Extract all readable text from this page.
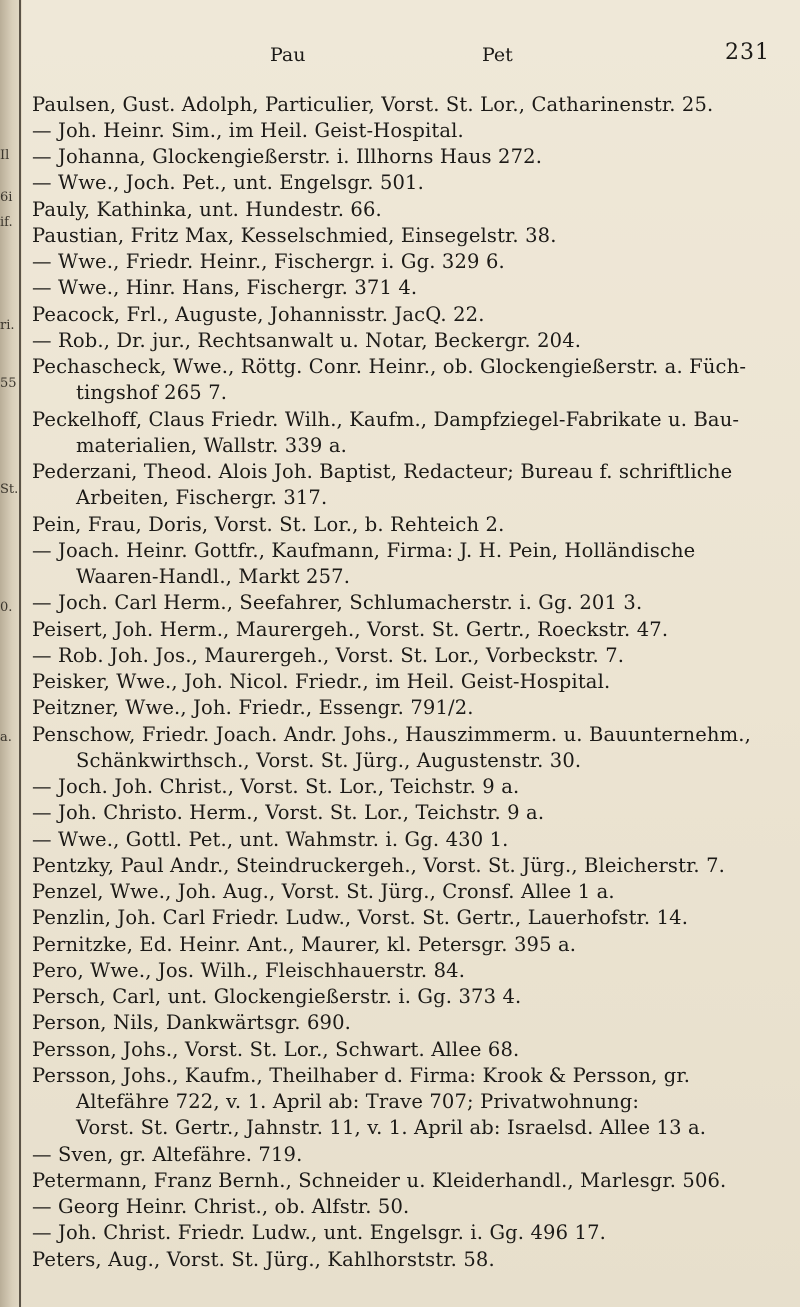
Il
6i
if.
ri.
55
St.
0.
a.
Pau	Pet	231
Paulsen, Gust. Adolph, Particulier, Vorst. St. Lor., Catharinenstr. 25.
— Joh. Heinr. Sim., im Heil. Geist-Hospital.
— Johanna, Glockengießerstr. i. Illhorns Haus 272.
— Wwe., Joch. Pet., unt. Engelsgr. 501.
Pauly, Kathinka, unt. Hundestr. 66.
Paustian, Fritz Max, Kesselschmied, Einsegelstr. 38.
— Wwe., Friedr. Heinr., Fischergr. i. Gg. 329 6.
— Wwe., Hinr. Hans, Fischergr. 371 4.
Peacock, Frl., Auguste, Johannisstr. JacQ. 22.
— Rob., Dr. jur., Rechtsanwalt u. Notar, Beckergr. 204.
Pechascheck, Wwe., Röttg. Conr. Heinr., ob. Glockengießerstr. a. Füch-
tingshof 265 7.
Peckelhoff, Claus Friedr. Wilh., Kaufm., Dampfziegel-Fabrikate u. Bau-
materialien, Wallstr. 339 a.
Pederzani, Theod. Alois Joh. Baptist, Redacteur; Bureau f. schriftliche
Arbeiten, Fischergr. 317.
Pein, Frau, Doris, Vorst. St. Lor., b. Rehteich 2.
— Joach. Heinr. Gottfr., Kaufmann, Firma: J. H. Pein, Holländische
Waaren-Handl., Markt 257.
— Joch. Carl Herm., Seefahrer, Schlumacherstr. i. Gg. 201 3.
Peisert, Joh. Herm., Maurergeh., Vorst. St. Gertr., Roeckstr. 47.
— Rob. Joh. Jos., Maurergeh., Vorst. St. Lor., Vorbeckstr. 7.
Peisker, Wwe., Joh. Nicol. Friedr., im Heil. Geist-Hospital.
Peitzner, Wwe., Joh. Friedr., Essengr. 791/2.
Penschow, Friedr. Joach. Andr. Johs., Hauszimmerm. u. Bauunternehm.,
Schänkwirthsch., Vorst. St. Jürg., Augustenstr. 30.
— Joch. Joh. Christ., Vorst. St. Lor., Teichstr. 9 a.
— Joh. Christo. Herm., Vorst. St. Lor., Teichstr. 9 a.
— Wwe., Gottl. Pet., unt. Wahmstr. i. Gg. 430 1.
Pentzky, Paul Andr., Steindruckergeh., Vorst. St. Jürg., Bleicherstr. 7.
Penzel, Wwe., Joh. Aug., Vorst. St. Jürg., Cronsf. Allee 1 a.
Penzlin, Joh. Carl Friedr. Ludw., Vorst. St. Gertr., Lauerhofstr. 14.
Pernitzke, Ed. Heinr. Ant., Maurer, kl. Petersgr. 395 a.
Pero, Wwe., Jos. Wilh., Fleischhauerstr. 84.
Persch, Carl, unt. Glockengießerstr. i. Gg. 373 4.
Person, Nils, Dankwärtsgr. 690.
Persson, Johs., Vorst. St. Lor., Schwart. Allee 68.
Persson, Johs., Kaufm., Theilhaber d. Firma: Krook & Persson, gr.
Altefähre 722, v. 1. April ab: Trave 707; Privatwohnung:
Vorst. St. Gertr., Jahnstr. 11, v. 1. April ab: Israelsd. Allee 13 a.
— Sven, gr. Altefähre. 719.
Petermann, Franz Bernh., Schneider u. Kleiderhandl., Marlesgr. 506.
— Georg Heinr. Christ., ob. Alfstr. 50.
— Joh. Christ. Friedr. Ludw., unt. Engelsgr. i. Gg. 496 17.
Peters, Aug., Vorst. St. Jürg., Kahlhorststr. 58.
